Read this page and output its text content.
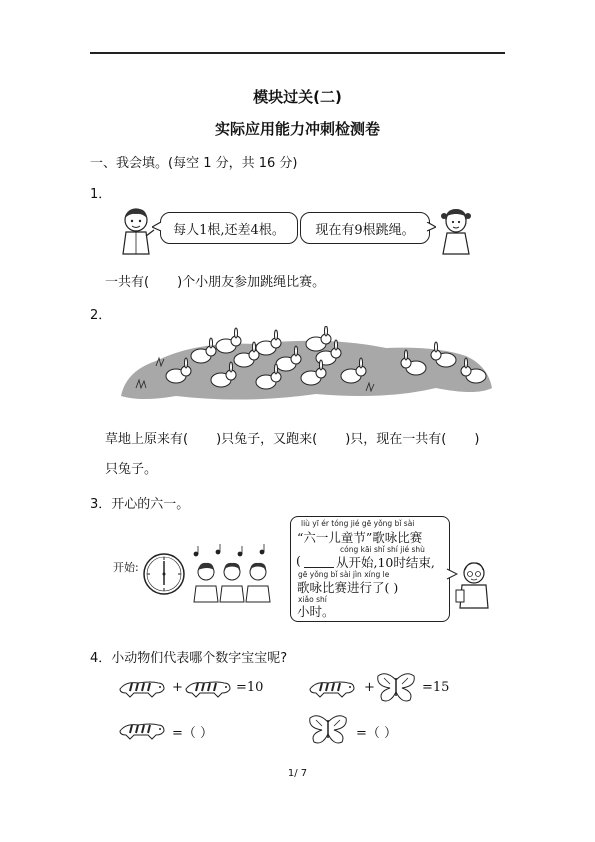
模块过关(二)
实际应用能力冲刺检测卷
一、我会填。(每空 1 分，共 16 分)
1．
每人1根,还差4根。	现在有9根跳绳。
一共有( )个小朋友参加跳绳比赛。
2．
草地上原来有( )只兔子，又跑来( )只，现在一共有( )
只兔子。
3．开心的六一。
开始:
liù yī ér tóng jié gē yǒng bǐ sài
“六一儿童节”歌咏比赛
cóng kāi shǐ shí jié shù
(	从开始,10时结束,
gē yǒng bǐ sài jìn xíng le
歌咏比赛进行了( )
xiǎo shí
小时。
4．小动物们代表哪个数字宝宝呢?
+	=10	+	=15
=（ ）	=（ ）
1/ 7
